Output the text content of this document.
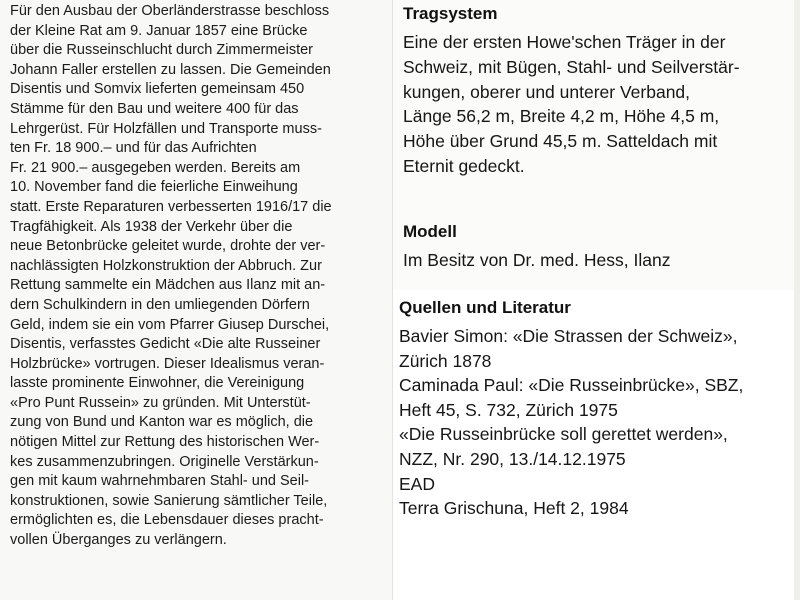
Für den Ausbau der Oberländerstrasse beschloss
der Kleine Rat am 9. Januar 1857 eine Brücke
über die Russeinschlucht durch Zimmermeister
Johann Faller erstellen zu lassen. Die Gemeinden
Disentis und Somvix lieferten gemeinsam 450
Stämme für den Bau und weitere 400 für das
Lehrgerüst. Für Holzfällen und Transporte muss-
ten Fr. 18 900.– und für das Aufrichten
Fr. 21 900.– ausgegeben werden. Bereits am
10. November fand die feierliche Einweihung
statt. Erste Reparaturen verbesserten 1916/17 die
Tragfähigkeit. Als 1938 der Verkehr über die
neue Betonbrücke geleitet wurde, drohte der ver-
nachlässigten Holzkonstruktion der Abbruch. Zur
Rettung sammelte ein Mädchen aus Ilanz mit an-
dern Schulkindern in den umliegenden Dörfern
Geld, indem sie ein vom Pfarrer Giusep Durschei,
Disentis, verfasstes Gedicht «Die alte Russeiner
Holzbrücke» vortrugen. Dieser Idealismus veran-
lasste prominente Einwohner, die Vereinigung
«Pro Punt Russein» zu gründen. Mit Unterstüt-
zung von Bund und Kanton war es möglich, die
nötigen Mittel zur Rettung des historischen Wer-
kes zusammenzubringen. Originelle Verstärkun-
gen mit kaum wahrnehmbaren Stahl- und Seil-
konstruktionen, sowie Sanierung sämtlicher Teile,
ermöglichten es, die Lebensdauer dieses pracht-
vollen Überganges zu verlängern.
Tragsystem
Eine der ersten Howe'schen Träger in der
Schweiz, mit Bügen, Stahl- und Seilverstär-
kungen, oberer und unterer Verband,
Länge 56,2 m, Breite 4,2 m, Höhe 4,5 m,
Höhe über Grund 45,5 m. Satteldach mit
Eternit gedeckt.
Modell
Im Besitz von Dr. med. Hess, Ilanz
Quellen und Literatur
Bavier Simon: «Die Strassen der Schweiz»,
Zürich 1878
Caminada Paul: «Die Russeinbrücke», SBZ,
Heft 45, S. 732, Zürich 1975
«Die Russeinbrücke soll gerettet werden»,
NZZ, Nr. 290, 13./14.12.1975
EAD
Terra Grischuna, Heft 2, 1984
